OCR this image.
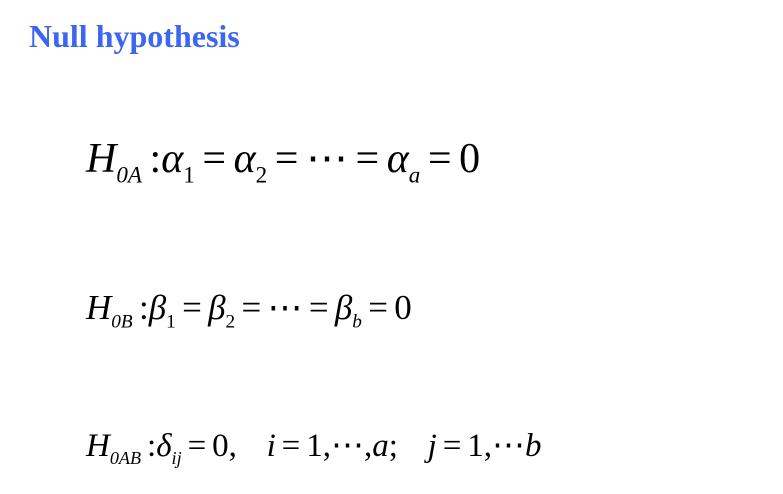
Null hypothesis
$H_{0A}$ $:\alpha_1 = \alpha_2$ = ⋯ = $\alpha_a = 0$
$H_{0B}$ $:\beta_1 = \beta_2$ = ⋯ = $\beta_b = 0$
$H_{0AB}$ $:\delta_{ij} = 0$, i = 1,⋯,a; j = 1,⋯b
